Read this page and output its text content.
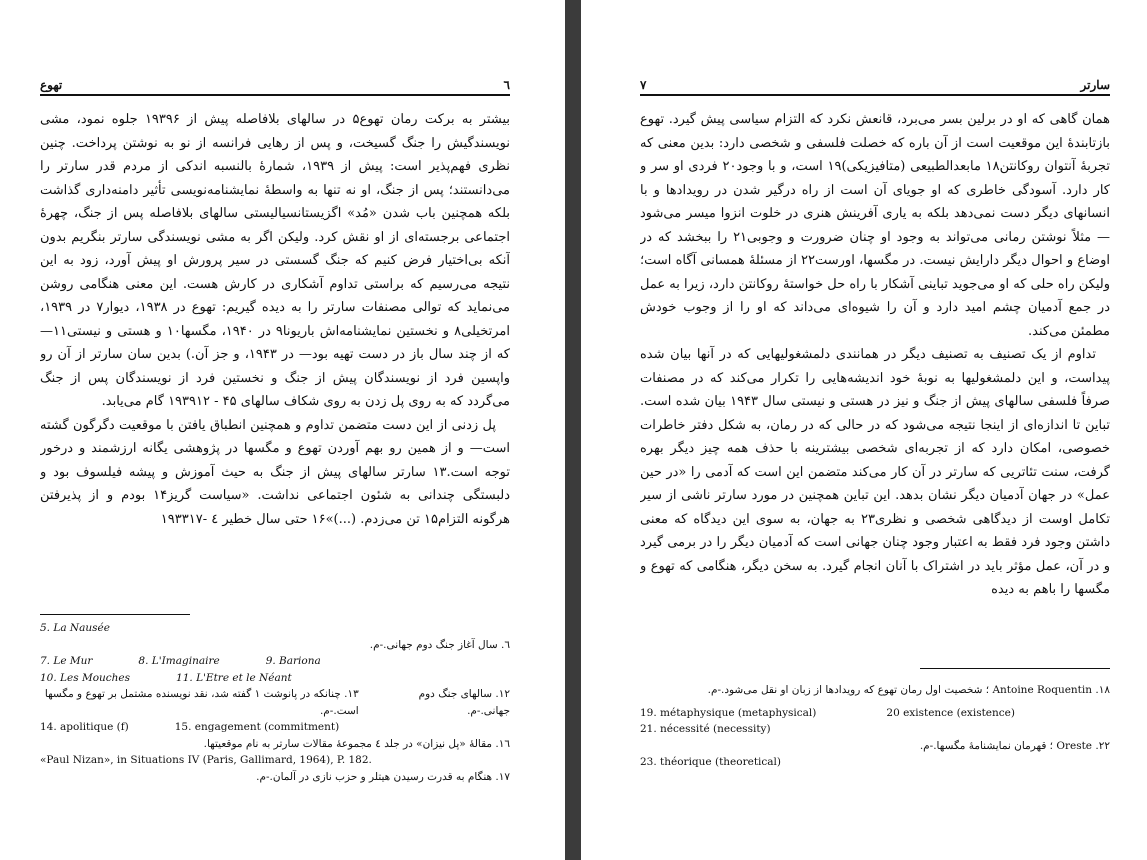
تهوع	٦

بیشتر به برکت رمان تهوع۵ در سالهای بلافاصله پیش از ۱۹۳۹۶ جلوه نمود، مشی نویسندگیش را جنگ گسیخت، و پس از رهایی فرانسه از نو به نوشتن پرداخت. چنین نظری فهم‌پذیر است: پیش از ۱۹۳۹، شمارهٔ بالنسبه اندکی از مردم قدر سارتر را می‌دانستند؛ پس از جنگ، او نه تنها به واسطهٔ نمایشنامه‌نویسی تأثیر دامنه‌داری گذاشت بلکه همچنین باب شدن «مُد» اگزیستانسیالیستی سالهای بلافاصله پس از جنگ، چهرهٔ اجتماعی برجسته‌ای از او نقش کرد. ولیکن اگر به مشی نویسندگی سارتر بنگریم بدون آنکه بی‌اختیار فرض کنیم که جنگ گسستی در سیر پرورش او پیش آورد، زود به این نتیجه می‌رسیم که براستی تداوم آشکاری در کارش هست. این معنی هنگامی روشن می‌نماید که توالی مصنفات سارتر را به دیده گیریم: تهوع در ۱۹۳۸، دیوار۷ در ۱۹۳۹، امرتخیلی۸ و نخستین نمایشنامه‌اش باریونا۹ در ۱۹۴۰، مگسها۱۰ و هستی و نیستی۱۱— که از چند سال باز در دست تهیه بود— در ۱۹۴۳، و جز آن.) بدین سان سارتر از آن رو واپسین فرد از نویسندگان پیش از جنگ و نخستین فرد از نویسندگان پس از جنگ می‌گردد که به روی پل زدن به روی شکاف سالهای ۴۵ - ۱۹۳۹۱۲ گام می‌یابد.

پل زدنی از این دست متضمن تداوم و همچنین انطباق یافتن با موقعیت دگرگون گشته است— و از همین رو بهم آوردن تهوع و مگسها در پژوهشی یگانه ارزشمند و درخور توجه است.۱۳ سارتر سالهای پیش از جنگ به حیث آموزش و پیشه فیلسوف بود و دلبستگی چندانی به شئون اجتماعی نداشت. «سیاست گریز۱۴ بودم و از پذیرفتن هرگونه التزام۱۵ تن می‌زدم. (...)»۱۶ حتی سال خطیر ٤ -۱۹۳۳۱۷

5. La Nausée
٦. سال آغاز جنگ دوم جهانی.-م.
7. Le Mur	8. L'Imaginaire	9. Bariona
10. Les Mouches	11. L'Etre et le Néant
۱۲. سالهای جنگ دوم جهانی.-م.
۱۳. چنانکه در پانوشت ۱ گفته شد، نقد نویسنده مشتمل بر تهوع و مگسها است.-م.
14. apolitique (f)	15. engagement (commitment)
۱٦. مقالهٔ «پل نیزان» در جلد ٤ مجموعهٔ مقالات سارتر به نام موقعیتها.
«Paul Nizan», in Situations IV (Paris, Gallimard, 1964), P. 182.
۱۷. هنگام به قدرت رسیدن هیتلر و حزب نازی در آلمان.-م.
۷	سارتر

همان گاهی که او در برلین بسر می‌برد، قانعش نکرد که التزام سیاسی پیش گیرد. تهوع بازتابندهٔ این موقعیت است از آن باره که خصلت فلسفی و شخصی دارد: بدین معنی که تجربهٔ آنتوان روکانتن۱۸ مابعدالطبیعی (متافیزیکی)۱۹ است، و با وجود۲۰ فردی او سر و کار دارد. آسودگی خاطری که او جویای آن است از راه درگیر شدن در رویدادها و با انسانهای دیگر دست نمی‌دهد بلکه به یاری آفرینش هنری در خلوت انزوا میسر می‌شود— مثلاً نوشتن رمانی می‌تواند به وجود او چنان ضرورت و وجوبی۲۱ را ببخشد که در اوضاع و احوال دیگر دارایش نیست. در مگسها، اورست۲۲ از مسئلهٔ همسانی آگاه است؛ ولیکن راه حلی که او می‌جوید تباینی آشکار با راه حل خواستهٔ روکانتن دارد، زیرا به عمل در جمع آدمیان چشم امید دارد و آن را شیوه‌ای می‌داند که او را از وجوب خودش مطمئن می‌کند.

تداوم از یک تصنیف به تصنیف دیگر در همانندی دلمشغولیهایی که در آنها بیان شده پیداست، و این دلمشغولیها به نوبهٔ خود اندیشه‌هایی را تکرار می‌کند که در مصنفات صرفاً فلسفی سالهای پیش از جنگ و نیز در هستی و نیستی سال ۱۹۴۳ بیان شده است. تباین تا اندازه‌ای از اینجا نتیجه می‌شود که در حالی که در رمان، به شکل دفتر خاطرات خصوصی، امکان دارد که از تجربه‌ای شخصی بیشترینه با حذف همه چیز دیگر بهره گرفت، سنت تئاتریی که سارتر در آن کار می‌کند متضمن این است که آدمی را «در حین عمل» در جهان آدمیان دیگر نشان بدهد. این تباین همچنین در مورد سارتر ناشی از سیر تکامل اوست از دیدگاهی شخصی و نظری۲۳ به جهان، به سوی این دیدگاه که معنی داشتن وجود فرد فقط به اعتبار وجود چنان جهانی است که آدمیان دیگر را در برمی گیرد و در آن، عمل مؤثر باید در اشتراک با آنان انجام گیرد. به سخن دیگر، هنگامی که تهوع و مگسها را باهم به دیده

۱۸. Antoine Roquentin ؛ شخصیت اول رمان تهوع که رویدادها از زبان او نقل می‌شود.-م.
19. métaphysique (metaphysical)	20 existence (existence)
21. nécessité (necessity)
۲۲. Oreste ؛ قهرمان نمایشنامهٔ مگسها.-م.
23. théorique (theoretical)
